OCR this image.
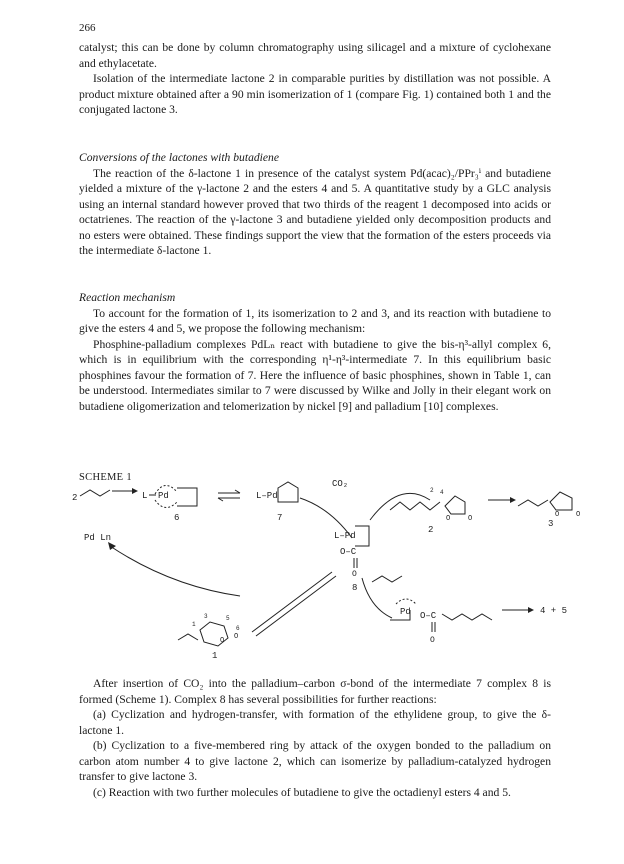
266

catalyst; this can be done by column chromatography using silicagel and a mixture of cyclohexane and ethylacetate.

Isolation of the intermediate lactone 2 in comparable purities by distillation was not possible. A product mixture obtained after a 90 min isomerization of 1 (compare Fig. 1) contained both 1 and the conjugated lactone 3.

Conversions of the lactones with butadiene

The reaction of the δ-lactone 1 in presence of the catalyst system Pd(acac)₂/PPr₃ⁱ and butadiene yielded a mixture of the γ-lactone 2 and the esters 4 and 5. A quantitative study by a GLC analysis using an internal standard however proved that two thirds of the reagent 1 decomposed into acids or octatrienes. The reaction of the γ-lactone 3 and butadiene yielded only decomposition products and no esters were obtained. These findings support the view that the formation of the esters proceeds via the intermediate δ-lactone 1.

Reaction mechanism

To account for the formation of 1, its isomerization to 2 and 3, and its reaction with butadiene to give the esters 4 and 5, we propose the following mechanism:

Phosphine-palladium complexes PdLₙ react with butadiene to give the bis-η³-allyl complex 6, which is in equilibrium with the corresponding η¹-η³-intermediate 7. In this equilibrium basic phosphines favour the formation of 7. Here the influence of basic phosphines, shown in Table 1, can be understood. Intermediates similar to 7 were discussed by Wilke and Jolly in their elegant work on butadiene oligomerization and telomerization by nickel [9] and palladium [10] complexes.

SCHEME 1
2	L Pd
6
L–Pd
7
CO₂
O	O
2
2 4
O O
3
Pd Ln	L–Pd
O–C
O
8
O O
1
1
3	5
6
Pd O–C
O
4 + 5

After insertion of CO₂ into the palladium–carbon σ-bond of the intermediate 7 complex 8 is formed (Scheme 1). Complex 8 has several possibilities for further reactions:

(a) Cyclization and hydrogen-transfer, with formation of the ethylidene group, to give the δ-lactone 1.

(b) Cyclization to a five-membered ring by attack of the oxygen bonded to the palladium on carbon atom number 4 to give lactone 2, which can isomerize by palladium-catalyzed hydrogen transfer to give lactone 3.

(c) Reaction with two further molecules of butadiene to give the octadienyl esters 4 and 5.
